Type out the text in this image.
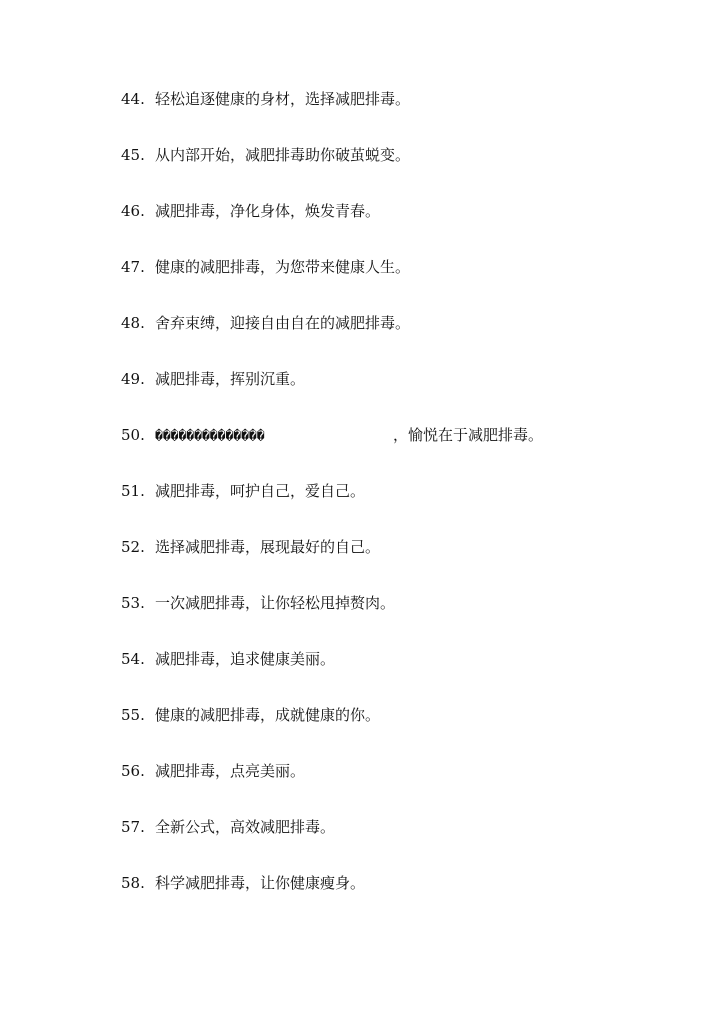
44. 轻松追逐健康的身材，选择减肥排毒。
45. 从内部开始，减肥排毒助你破茧蜕变。
46. 减肥排毒，净化身体，焕发青春。
47. 健康的减肥排毒，为您带来健康人生。
48. 舍弃束缚，迎接自由自在的减肥排毒。
49. 减肥排毒，挥别沉重。
50. ��������������	，愉悦在于减肥排毒。
51. 减肥排毒，呵护自己，爱自己。
52. 选择减肥排毒，展现最好的自己。
53. 一次减肥排毒，让你轻松甩掉赘肉。
54. 减肥排毒，追求健康美丽。
55. 健康的减肥排毒，成就健康的你。
56. 减肥排毒，点亮美丽。
57. 全新公式，高效减肥排毒。
58. 科学减肥排毒，让你健康瘦身。
